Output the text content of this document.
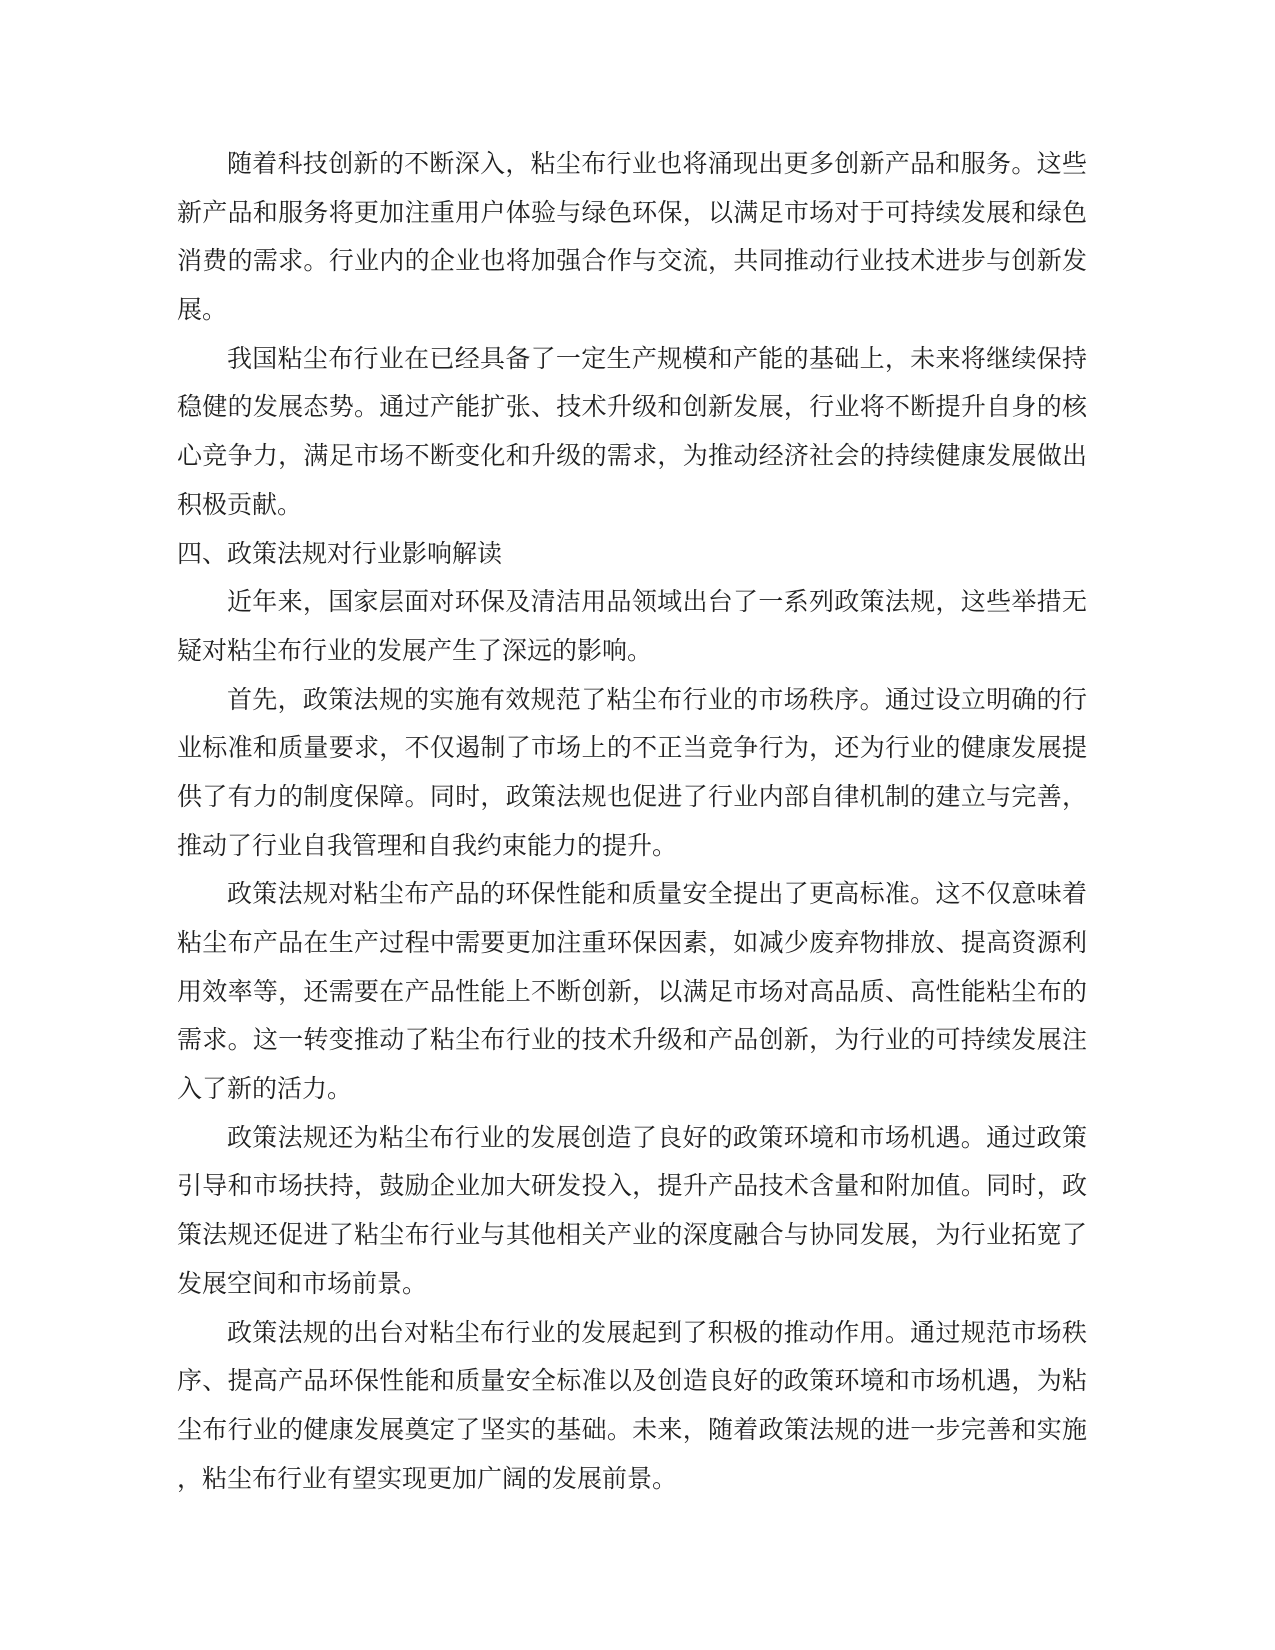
随着科技创新的不断深入，粘尘布行业也将涌现出更多创新产品和服务。这些
新产品和服务将更加注重用户体验与绿色环保，以满足市场对于可持续发展和绿色
消费的需求。行业内的企业也将加强合作与交流，共同推动行业技术进步与创新发
展。
我国粘尘布行业在已经具备了一定生产规模和产能的基础上，未来将继续保持
稳健的发展态势。通过产能扩张、技术升级和创新发展，行业将不断提升自身的核
心竞争力，满足市场不断变化和升级的需求，为推动经济社会的持续健康发展做出
积极贡献。
四、政策法规对行业影响解读
近年来，国家层面对环保及清洁用品领域出台了一系列政策法规，这些举措无
疑对粘尘布行业的发展产生了深远的影响。
首先，政策法规的实施有效规范了粘尘布行业的市场秩序。通过设立明确的行
业标准和质量要求，不仅遏制了市场上的不正当竞争行为，还为行业的健康发展提
供了有力的制度保障。同时，政策法规也促进了行业内部自律机制的建立与完善，
推动了行业自我管理和自我约束能力的提升。
政策法规对粘尘布产品的环保性能和质量安全提出了更高标准。这不仅意味着
粘尘布产品在生产过程中需要更加注重环保因素，如减少废弃物排放、提高资源利
用效率等，还需要在产品性能上不断创新，以满足市场对高品质、高性能粘尘布的
需求。这一转变推动了粘尘布行业的技术升级和产品创新，为行业的可持续发展注
入了新的活力。
政策法规还为粘尘布行业的发展创造了良好的政策环境和市场机遇。通过政策
引导和市场扶持，鼓励企业加大研发投入，提升产品技术含量和附加值。同时，政
策法规还促进了粘尘布行业与其他相关产业的深度融合与协同发展，为行业拓宽了
发展空间和市场前景。
政策法规的出台对粘尘布行业的发展起到了积极的推动作用。通过规范市场秩
序、提高产品环保性能和质量安全标准以及创造良好的政策环境和市场机遇，为粘
尘布行业的健康发展奠定了坚实的基础。未来，随着政策法规的进一步完善和实施
，粘尘布行业有望实现更加广阔的发展前景。
